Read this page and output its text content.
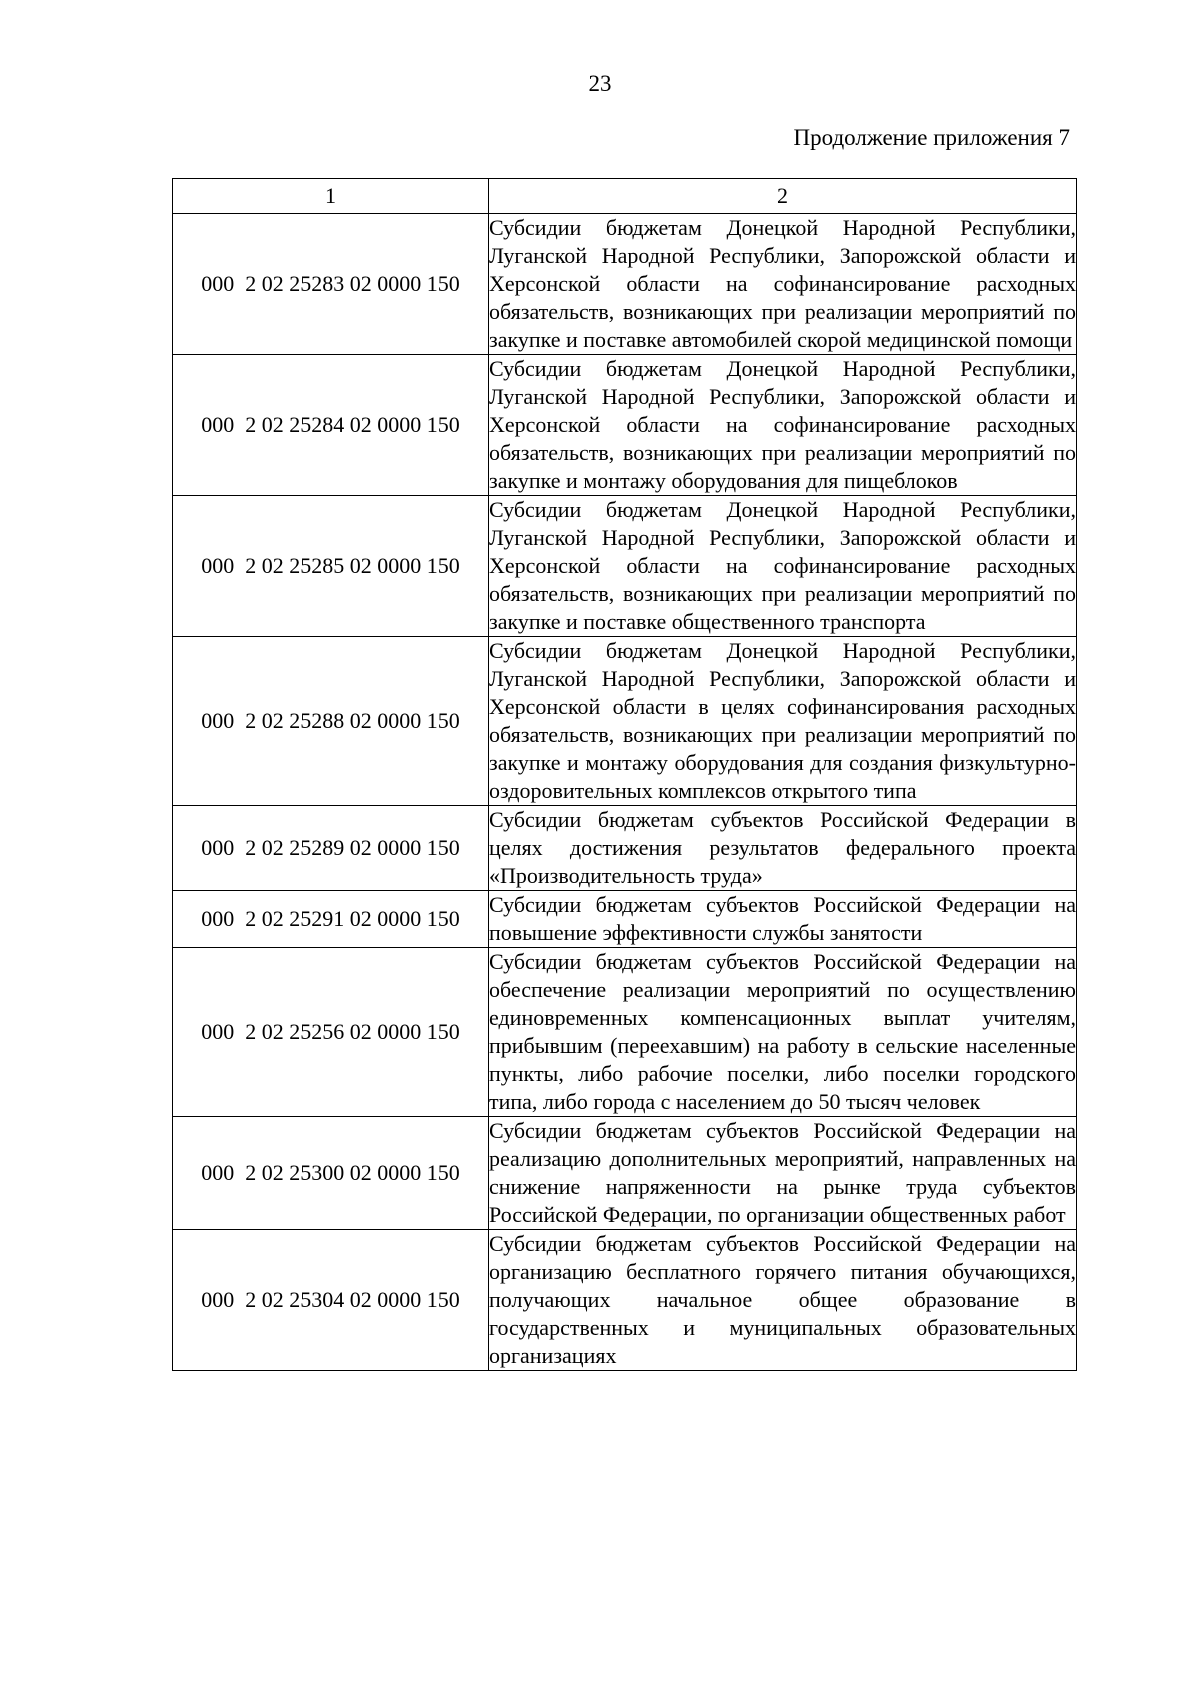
23
Продолжение приложения 7
1	2
000  2 02 25283 02 0000 150	Субсидии бюджетам Донецкой Народной Республики, Луганской Народной Республики, Запорожской области и Херсонской области на софинансирование расходных обязательств, возникающих при реализации мероприятий по закупке и поставке автомобилей скорой медицинской помощи
000  2 02 25284 02 0000 150	Субсидии бюджетам Донецкой Народной Республики, Луганской Народной Республики, Запорожской области и Херсонской области на софинансирование расходных обязательств, возникающих при реализации мероприятий по закупке и монтажу оборудования для пищеблоков
000  2 02 25285 02 0000 150	Субсидии бюджетам Донецкой Народной Республики, Луганской Народной Республики, Запорожской области и Херсонской области на софинансирование расходных обязательств, возникающих при реализации мероприятий по закупке и поставке общественного транспорта
000  2 02 25288 02 0000 150	Субсидии бюджетам Донецкой Народной Республики, Луганской Народной Республики, Запорожской области и Херсонской области в целях софинансирования расходных обязательств, возникающих при реализации мероприятий по закупке и монтажу оборудования для создания физкультурно-оздоровительных комплексов открытого типа
000  2 02 25289 02 0000 150	Субсидии бюджетам субъектов Российской Федерации в целях достижения результатов федерального проекта «Производительность труда»
000  2 02 25291 02 0000 150	Субсидии бюджетам субъектов Российской Федерации на повышение эффективности службы занятости
000  2 02 25256 02 0000 150	Субсидии бюджетам субъектов Российской Федерации на обеспечение реализации мероприятий по осуществлению единовременных компенсационных выплат учителям, прибывшим (переехавшим) на работу в сельские населенные пункты, либо рабочие поселки, либо поселки городского типа, либо города с населением до 50 тысяч человек
000  2 02 25300 02 0000 150	Субсидии бюджетам субъектов Российской Федерации на реализацию дополнительных мероприятий, направленных на снижение напряженности на рынке труда субъектов Российской Федерации, по организации общественных работ
000  2 02 25304 02 0000 150	Субсидии бюджетам субъектов Российской Федерации на организацию бесплатного горячего питания обучающихся, получающих начальное общее образование в государственных и муниципальных образовательных организациях
